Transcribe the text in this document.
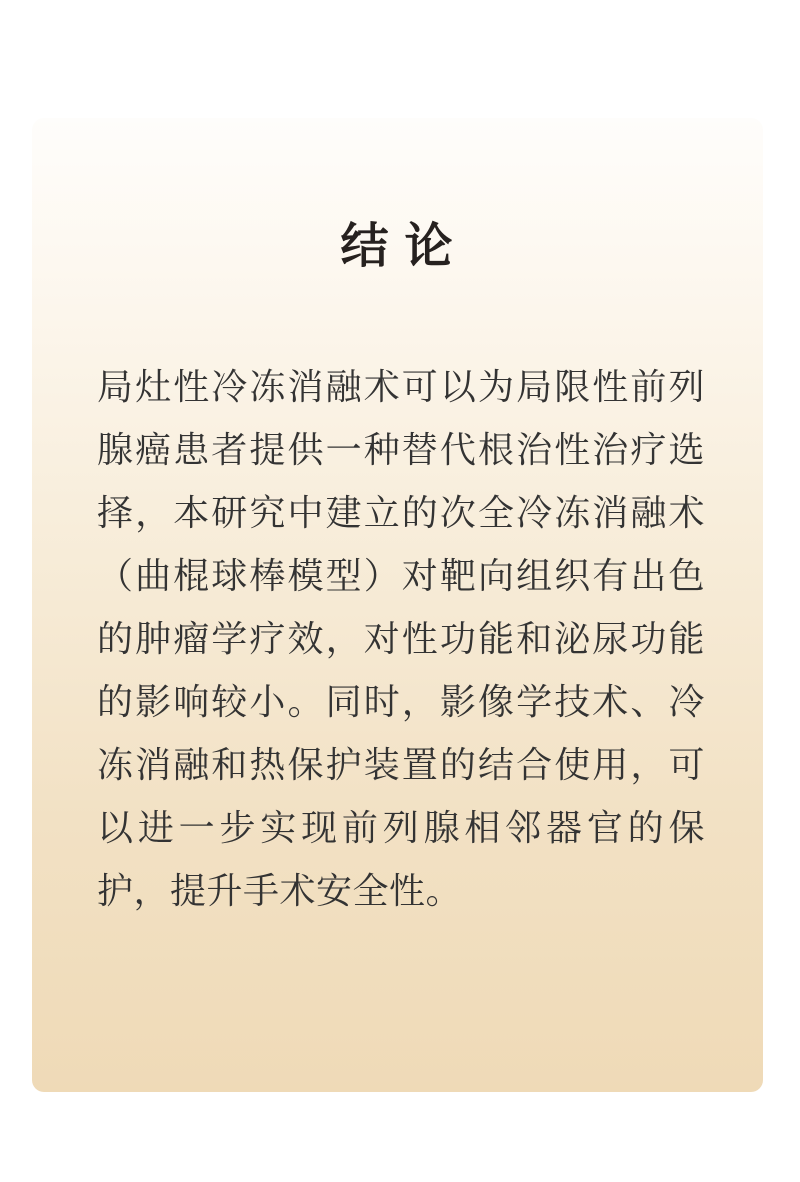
结 论

局灶性冷冻消融术可以为局限性前列腺癌患者提供一种替代根治性治疗选择，本研究中建立的次全冷冻消融术（曲棍球棒模型）对靶向组织有出色的肿瘤学疗效，对性功能和泌尿功能的影响较小。同时，影像学技术、冷冻消融和热保护装置的结合使用，可以进一步实现前列腺相邻器官的保护，提升手术安全性。
